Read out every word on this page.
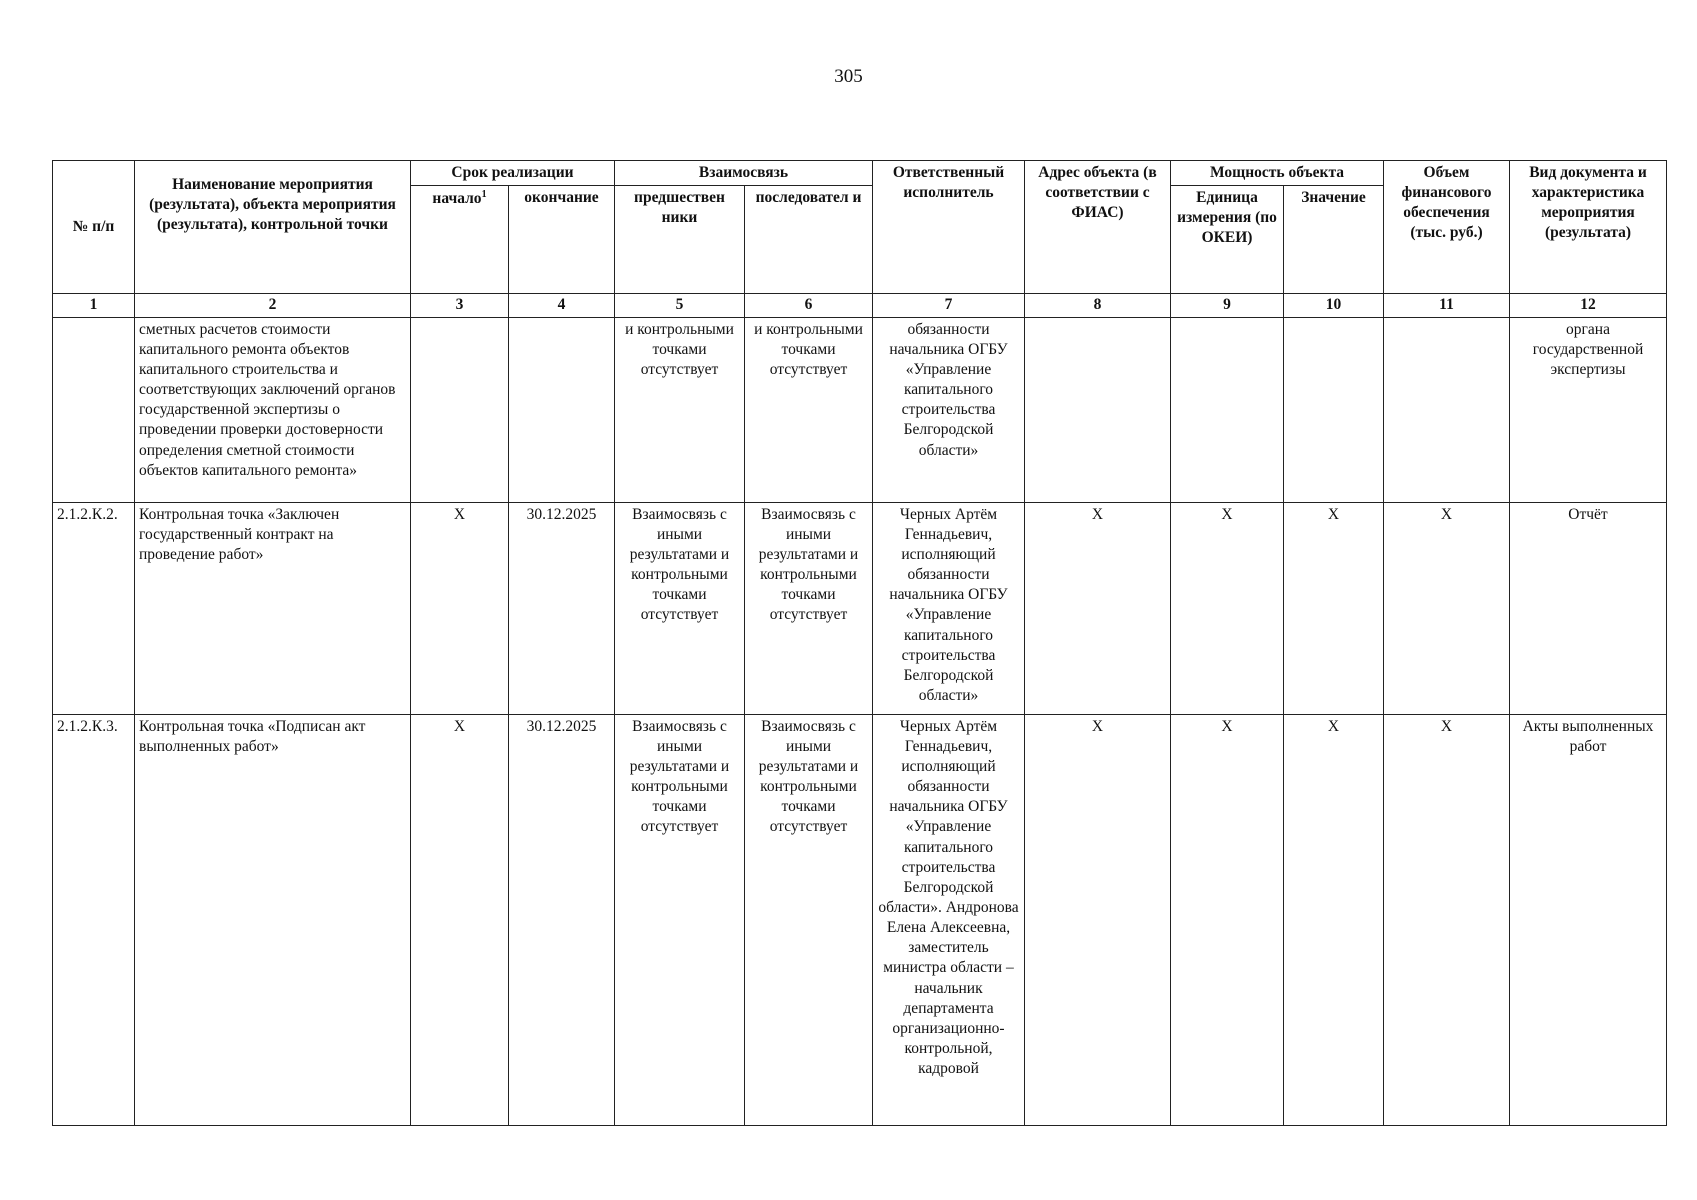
305
№ п/п	Наименование мероприятия (результата), объекта мероприятия (результата), контрольной точки	Срок реализации		Взаимосвязь		Ответственный исполнитель	Адрес объекта (в соответствии с ФИАС)	Мощность объекта		Объем финансового обеспечения (тыс. руб.)	Вид документа и характеристика мероприятия (результата)
		начало$^1$	окончание	предшествен ники	последовател и			Единица измерения (по ОКЕИ)	Значение		
1	2	3	4	5	6	7	8	9	10	11	12
	сметных расчетов стоимости капитального ремонта объектов капитального строительства и соответствующих заключений органов государственной экспертизы о проведении проверки достоверности определения сметной стоимости объектов капитального ремонта»			и контрольными точками отсутствует	и контрольными точками отсутствует	обязанности начальника ОГБУ «Управление капитального строительства Белгородской области»					органа государственной экспертизы
2.1.2.К.2.	Контрольная точка «Заключен государственный контракт на проведение работ»	X	30.12.2025	Взаимосвязь с иными результатами и контрольными точками отсутствует	Взаимосвязь с иными результатами и контрольными точками отсутствует	Черных Артём Геннадьевич, исполняющий обязанности начальника ОГБУ «Управление капитального строительства Белгородской области»	X	X	X	X	Отчёт
2.1.2.К.3.	Контрольная точка «Подписан акт выполненных работ»	X	30.12.2025	Взаимосвязь с иными результатами и контрольными точками отсутствует	Взаимосвязь с иными результатами и контрольными точками отсутствует	Черных Артём Геннадьевич, исполняющий обязанности начальника ОГБУ «Управление капитального строительства Белгородской области». Андронова Елена Алексеевна, заместитель министра области – начальник департамента организационно-контрольной, кадровой	X	X	X	X	Акты выполненных работ
